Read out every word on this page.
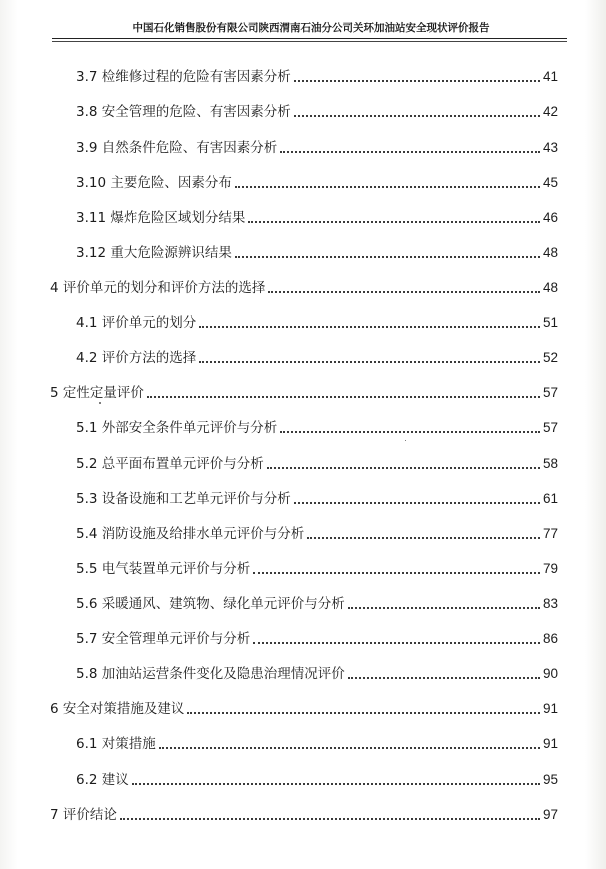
中国石化销售股份有限公司陕西渭南石油分公司关环加油站安全现状评价报告
3.7 检维修过程的危险有害因素分析	41
3.8 安全管理的危险、有害因素分析	42
3.9 自然条件危险、有害因素分析	43
3.10 主要危险、因素分布	45
3.11 爆炸危险区域划分结果	46
3.12 重大危险源辨识结果	48
4 评价单元的划分和评价方法的选择	48
4.1 评价单元的划分	51
4.2 评价方法的选择	52
5 定性定量评价	57
5.1 外部安全条件单元评价与分析	57
5.2 总平面布置单元评价与分析	58
5.3 设备设施和工艺单元评价与分析	61
5.4 消防设施及给排水单元评价与分析	77
5.5 电气装置单元评价与分析	79
5.6 采暖通风、建筑物、绿化单元评价与分析	83
5.7 安全管理单元评价与分析	86
5.8 加油站运营条件变化及隐患治理情况评价	90
6 安全对策措施及建议	91
6.1 对策措施	91
6.2 建议	95
7 评价结论	97
